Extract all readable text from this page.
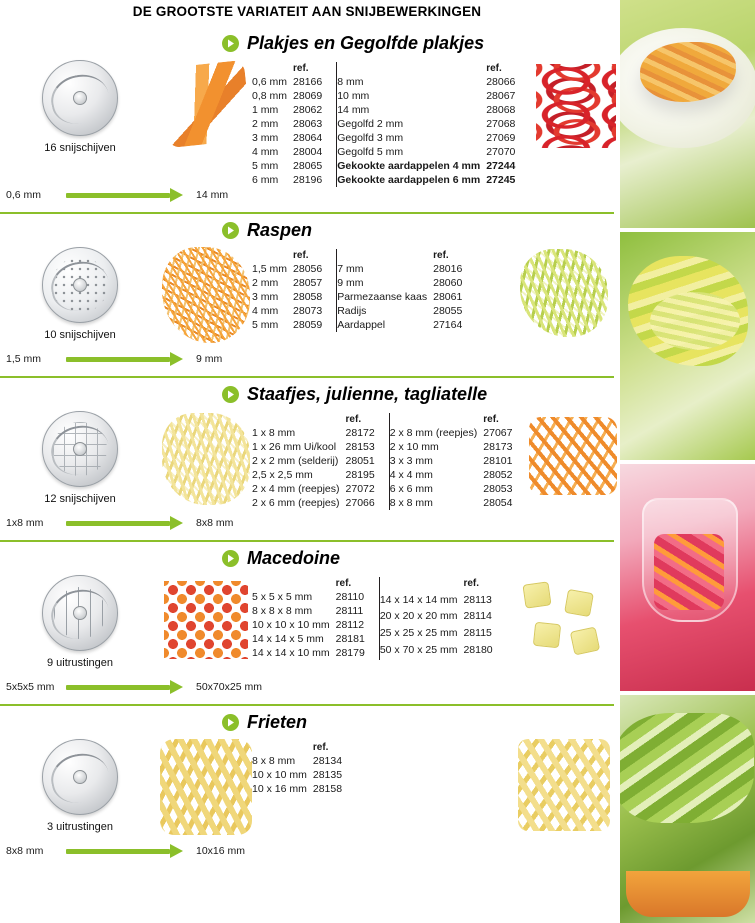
DE GROOTSTE VARIATEIT AAN SNIJBEWERKINGEN
Plakjes en Gegolfde plakjes
16 snijschijven
	ref.
0,6 mm	28166
0,8 mm	28069
1 mm	28062
2 mm	28063
3 mm	28064
4 mm	28004
5 mm	28065
6 mm	28196
	ref.
8 mm	28066
10 mm	28067
14 mm	28068
Gegolfd 2 mm	27068
Gegolfd 3 mm	27069
Gegolfd 5 mm	27070
Gekookte aardappelen 4 mm	27244
Gekookte aardappelen 6 mm	27245
0,6 mm	14 mm
Raspen
10 snijschijven
	ref.
1,5 mm	28056
2 mm	28057
3 mm	28058
4 mm	28073
5 mm	28059
	ref.
7 mm	28016
9 mm	28060
Parmezaanse kaas	28061
Radijs	28055
Aardappel	27164
1,5 mm	9 mm
Staafjes, julienne, tagliatelle
12 snijschijven
	ref.
1 x 8 mm	28172
1 x 26 mm Ui/kool	28153
2 x 2 mm (selderij)	28051
2,5 x 2,5 mm	28195
2 x 4 mm (reepjes)	27072
2 x 6 mm (reepjes)	27066
	ref.
2 x 8 mm (reepjes)	27067
2 x 10 mm	28173
3 x 3 mm	28101
4 x 4 mm	28052
6 x 6 mm	28053
8 x 8 mm	28054
1x8 mm	8x8 mm
Macedoine
9 uitrustingen
	ref.
5 x 5 x 5 mm	28110
8 x 8 x 8 mm	28111
10 x 10 x 10 mm	28112
14 x 14 x 5 mm	28181
14 x 14 x 10 mm	28179
	ref.
14 x 14 x 14 mm	28113
20 x 20 x 20 mm	28114
25 x 25 x 25 mm	28115
50 x 70 x 25 mm	28180
5x5x5 mm	50x70x25 mm
Frieten
3 uitrustingen
	ref.
8 x 8 mm	28134
10 x 10 mm	28135
10 x 16 mm	28158
8x8 mm	10x16 mm
